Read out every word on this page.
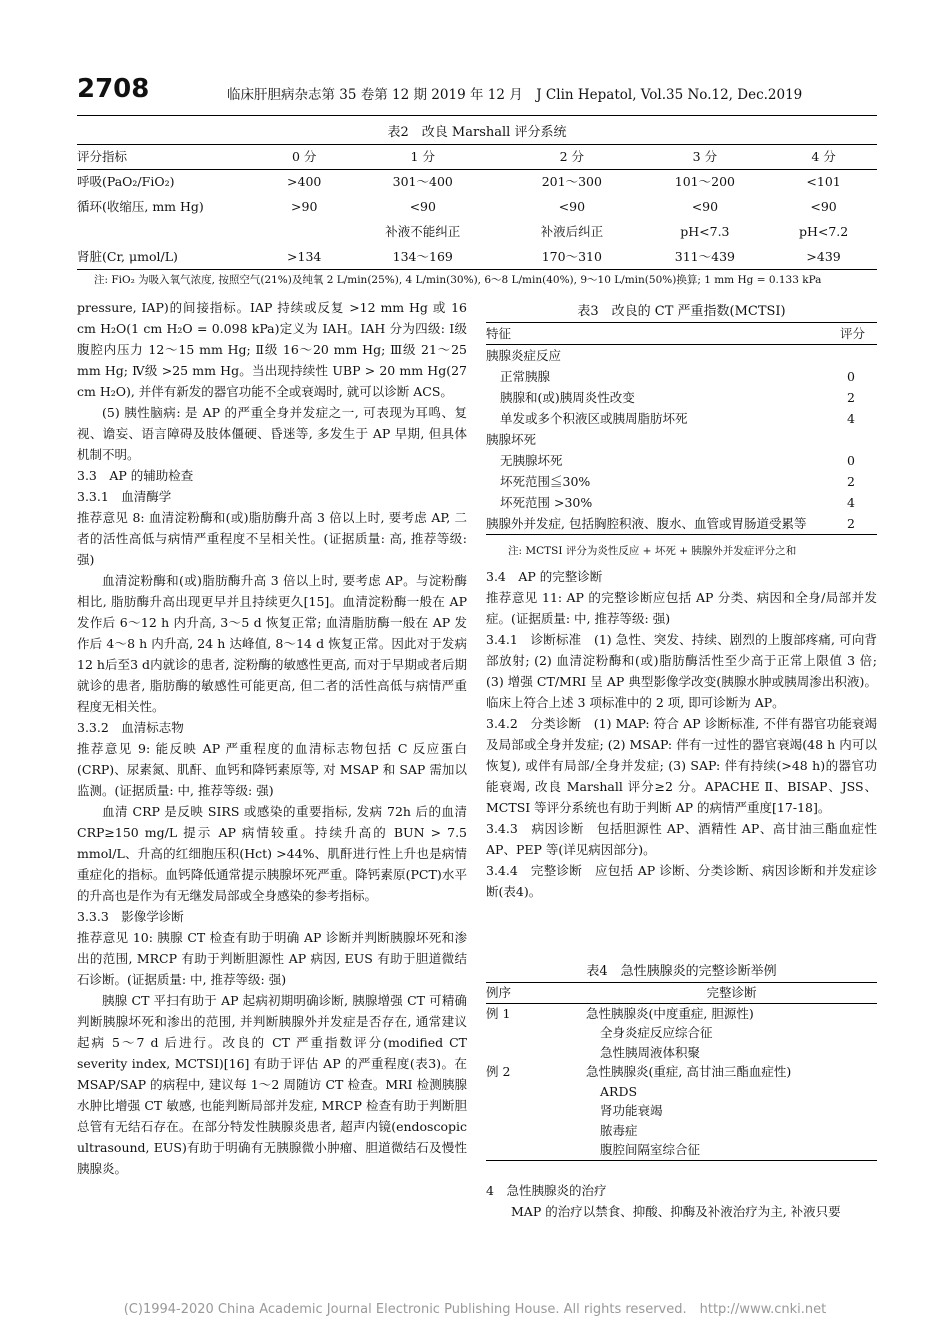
2708	临床肝胆病杂志第 35 卷第 12 期 2019 年 12 月　J Clin Hepatol, Vol.35 No.12, Dec.2019
表2　改良 Marshall 评分系统
评分指标	0 分	1 分	2 分	3 分	4 分
呼吸(PaO₂/FiO₂)	>400	301～400	201～300	101～200	<101
循环(收缩压, mm Hg)	>90	<90	<90	<90	<90
		补液不能纠正	补液后纠正	pH<7.3	pH<7.2
肾脏(Cr, μmol/L)	>134	134～169	170～310	311～439	>439
注: FiO₂ 为吸入氧气浓度, 按照空气(21%)及纯氧 2 L/min(25%), 4 L/min(30%), 6～8 L/min(40%), 9～10 L/min(50%)换算; 1 mm Hg = 0.133 kPa

pressure, IAP)的间接指标。IAP 持续或反复 >12 mm Hg 或 16 cm H₂O(1 cm H₂O = 0.098 kPa)定义为 IAH。IAH 分为四级: Ⅰ级腹腔内压力 12～15 mm Hg; Ⅱ级 16～20 mm Hg; Ⅲ级 21～25 mm Hg; Ⅳ级 >25 mm Hg。当出现持续性 UBP > 20 mm Hg(27 cm H₂O), 并伴有新发的器官功能不全或衰竭时, 就可以诊断 ACS。

(5) 胰性脑病: 是 AP 的严重全身并发症之一, 可表现为耳鸣、复视、谵妄、语言障碍及肢体僵硬、昏迷等, 多发生于 AP 早期, 但具体机制不明。

3.3　AP 的辅助检查

3.3.1　血清酶学

推荐意见 8: 血清淀粉酶和(或)脂肪酶升高 3 倍以上时, 要考虑 AP, 二者的活性高低与病情严重程度不呈相关性。(证据质量: 高, 推荐等级: 强)

血清淀粉酶和(或)脂肪酶升高 3 倍以上时, 要考虑 AP。与淀粉酶相比, 脂肪酶升高出现更早并且持续更久[15]。血清淀粉酶一般在 AP 发作后 6～12 h 内升高, 3～5 d 恢复正常; 血清脂肪酶一般在 AP 发作后 4～8 h 内升高, 24 h 达峰值, 8～14 d 恢复正常。因此对于发病12 h后至3 d内就诊的患者, 淀粉酶的敏感性更高, 而对于早期或者后期就诊的患者, 脂肪酶的敏感性可能更高, 但二者的活性高低与病情严重程度无相关性。

3.3.2　血清标志物

推荐意见 9: 能反映 AP 严重程度的血清标志物包括 C 反应蛋白(CRP)、尿素氮、肌酐、血钙和降钙素原等, 对 MSAP 和 SAP 需加以监测。(证据质量: 中, 推荐等级: 强)

血清 CRP 是反映 SIRS 或感染的重要指标, 发病 72h 后的血清 CRP≥150 mg/L 提示 AP 病情较重。持续升高的 BUN > 7.5 mmol/L、升高的红细胞压积(Hct) >44%、肌酐进行性上升也是病情重症化的指标。血钙降低通常提示胰腺坏死严重。降钙素原(PCT)水平的升高也是作为有无继发局部或全身感染的参考指标。

3.3.3　影像学诊断

推荐意见 10: 胰腺 CT 检查有助于明确 AP 诊断并判断胰腺坏死和渗出的范围, MRCP 有助于判断胆源性 AP 病因, EUS 有助于胆道微结石诊断。(证据质量: 中, 推荐等级: 强)

胰腺 CT 平扫有助于 AP 起病初期明确诊断, 胰腺增强 CT 可精确判断胰腺坏死和渗出的范围, 并判断胰腺外并发症是否存在, 通常建议起病 5～7 d 后进行。改良的 CT 严重指数评分(modified CT severity index, MCTSI)[16] 有助于评估 AP 的严重程度(表3)。在 MSAP/SAP 的病程中, 建议每 1～2 周随访 CT 检查。MRI 检测胰腺水肿比增强 CT 敏感, 也能判断局部并发症, MRCP 检查有助于判断胆总管有无结石存在。在部分特发性胰腺炎患者, 超声内镜(endoscopic ultrasound, EUS)有助于明确有无胰腺微小肿瘤、胆道微结石及慢性胰腺炎。

表3　改良的 CT 严重指数(MCTSI)
特征	评分
胰腺炎症反应	
正常胰腺	0
胰腺和(或)胰周炎性改变	2
单发或多个积液区或胰周脂肪坏死	4
胰腺坏死	
无胰腺坏死	0
坏死范围≦30%	2
坏死范围 >30%	4
胰腺外并发症, 包括胸腔积液、腹水、血管或胃肠道受累等	2
注: MCTSI 评分为炎性反应 + 坏死 + 胰腺外并发症评分之和

3.4　AP 的完整诊断

推荐意见 11: AP 的完整诊断应包括 AP 分类、病因和全身/局部并发症。(证据质量: 中, 推荐等级: 强)

3.4.1　诊断标准　(1) 急性、突发、持续、剧烈的上腹部疼痛, 可向背部放射; (2) 血清淀粉酶和(或)脂肪酶活性至少高于正常上限值 3 倍; (3) 增强 CT/MRI 呈 AP 典型影像学改变(胰腺水肿或胰周渗出积液)。临床上符合上述 3 项标准中的 2 项, 即可诊断为 AP。

3.4.2　分类诊断　(1) MAP: 符合 AP 诊断标准, 不伴有器官功能衰竭及局部或全身并发症; (2) MSAP: 伴有一过性的器官衰竭(48 h 内可以恢复), 或伴有局部/全身并发症; (3) SAP: 伴有持续(>48 h)的器官功能衰竭, 改良 Marshall 评分≥2 分。APACHE Ⅱ、BISAP、JSS、MCTSI 等评分系统也有助于判断 AP 的病情严重度[17-18]。

3.4.3　病因诊断　包括胆源性 AP、酒精性 AP、高甘油三酯血症性 AP、PEP 等(详见病因部分)。

3.4.4　完整诊断　应包括 AP 诊断、分类诊断、病因诊断和并发症诊断(表4)。

表4　急性胰腺炎的完整诊断举例
例序	完整诊断
例 1	急性胰腺炎(中度重症, 胆源性)
	全身炎症反应综合征
	急性胰周液体积聚
例 2	急性胰腺炎(重症, 高甘油三酯血症性)
	ARDS
	肾功能衰竭
	脓毒症
	腹腔间隔室综合征

4　急性胰腺炎的治疗

MAP 的治疗以禁食、抑酸、抑酶及补液治疗为主, 补液只要

(C)1994-2020 China Academic Journal Electronic Publishing House. All rights reserved.　http://www.cnki.net
